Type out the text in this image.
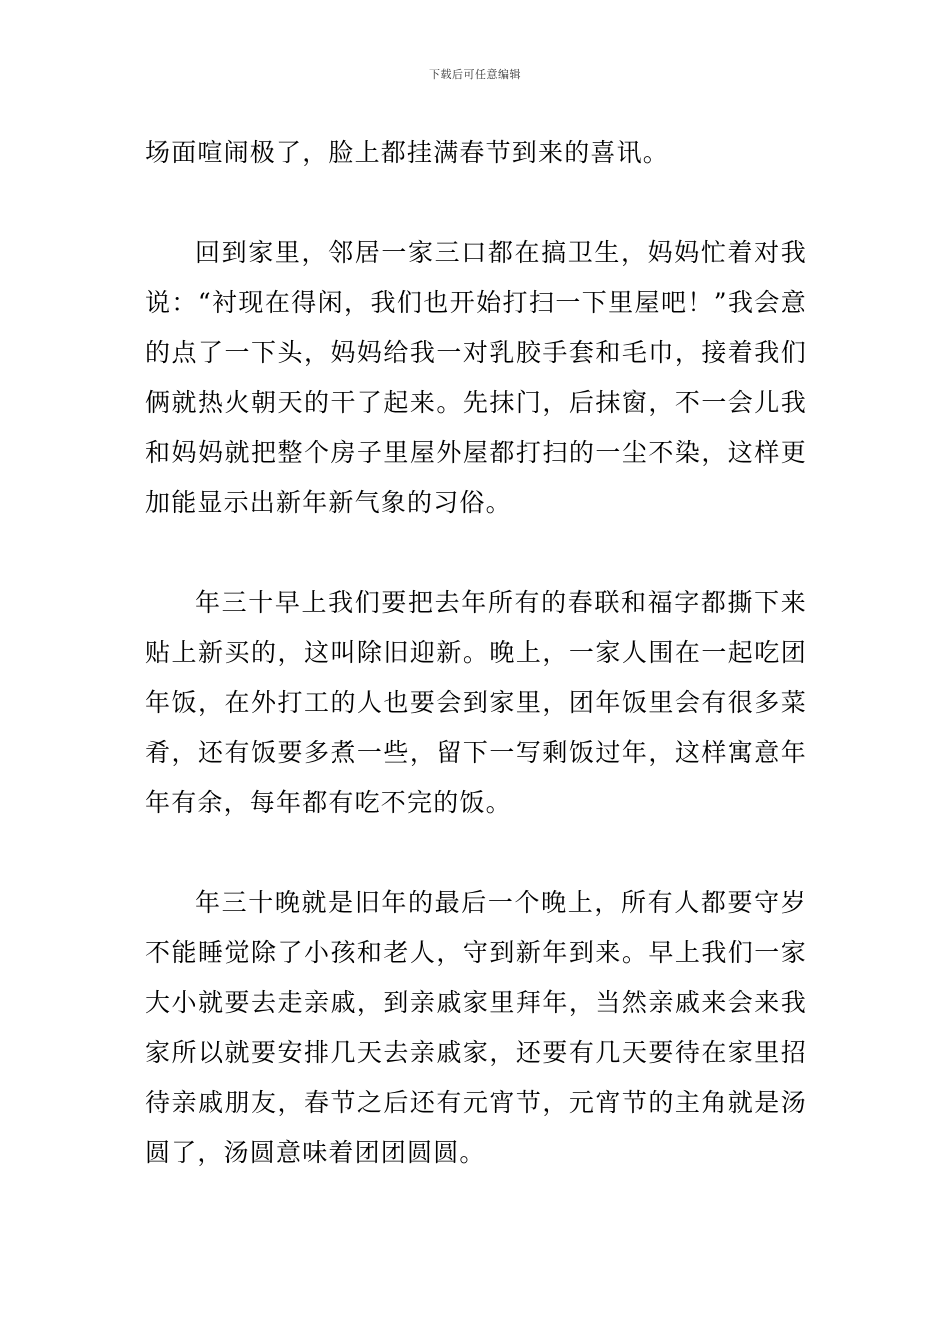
下载后可任意编辑

场面喧闹极了，脸上都挂满春节到来的喜讯。

回到家里，邻居一家三口都在搞卫生，妈妈忙着对我说：“衬现在得闲，我们也开始打扫一下里屋吧！”我会意的点了一下头，妈妈给我一对乳胶手套和毛巾，接着我们俩就热火朝天的干了起来。先抹门，后抹窗，不一会儿我和妈妈就把整个房子里屋外屋都打扫的一尘不染，这样更加能显示出新年新气象的习俗。

年三十早上我们要把去年所有的春联和福字都撕下来贴上新买的，这叫除旧迎新。晚上，一家人围在一起吃团年饭，在外打工的人也要会到家里，团年饭里会有很多菜肴，还有饭要多煮一些，留下一写剩饭过年，这样寓意年年有余，每年都有吃不完的饭。

年三十晚就是旧年的最后一个晚上，所有人都要守岁不能睡觉除了小孩和老人，守到新年到来。早上我们一家大小就要去走亲戚，到亲戚家里拜年，当然亲戚来会来我家所以就要安排几天去亲戚家，还要有几天要待在家里招待亲戚朋友，春节之后还有元宵节，元宵节的主角就是汤圆了，汤圆意味着团团圆圆。
